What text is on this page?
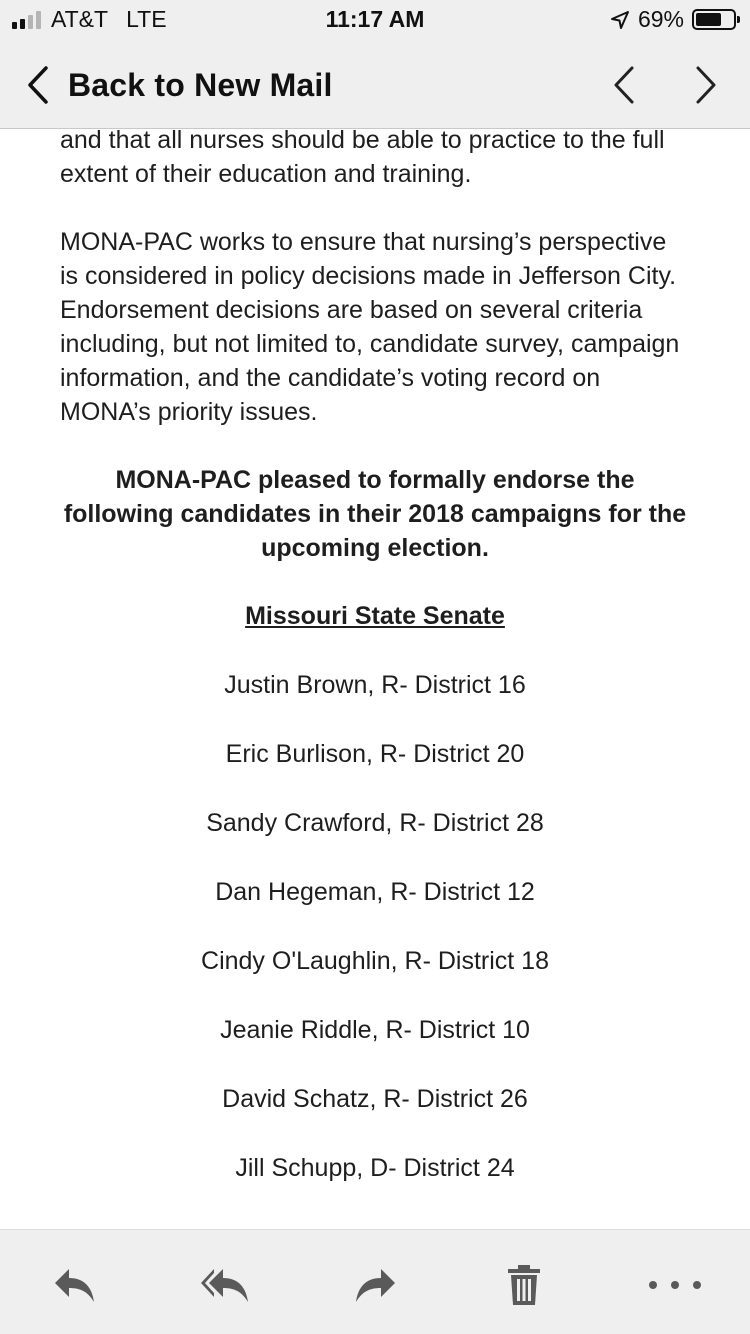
AT&T LTE	11:17 AM	69%
Back to New Mail

and that all nurses should be able to practice to the full extent of their education and training.

MONA-PAC works to ensure that nursing’s perspective is considered in policy decisions made in Jefferson City. Endorsement decisions are based on several criteria including, but not limited to, candidate survey, campaign information, and the candidate’s voting record on MONA’s priority issues.

MONA-PAC pleased to formally endorse the following candidates in their 2018 campaigns for the upcoming election.

Missouri State Senate

Justin Brown, R- District 16

Eric Burlison, R- District 20

Sandy Crawford, R- District 28

Dan Hegeman, R- District 12

Cindy O'Laughlin, R- District 18

Jeanie Riddle, R- District 10

David Schatz, R- District 26

Jill Schupp, D- District 24
